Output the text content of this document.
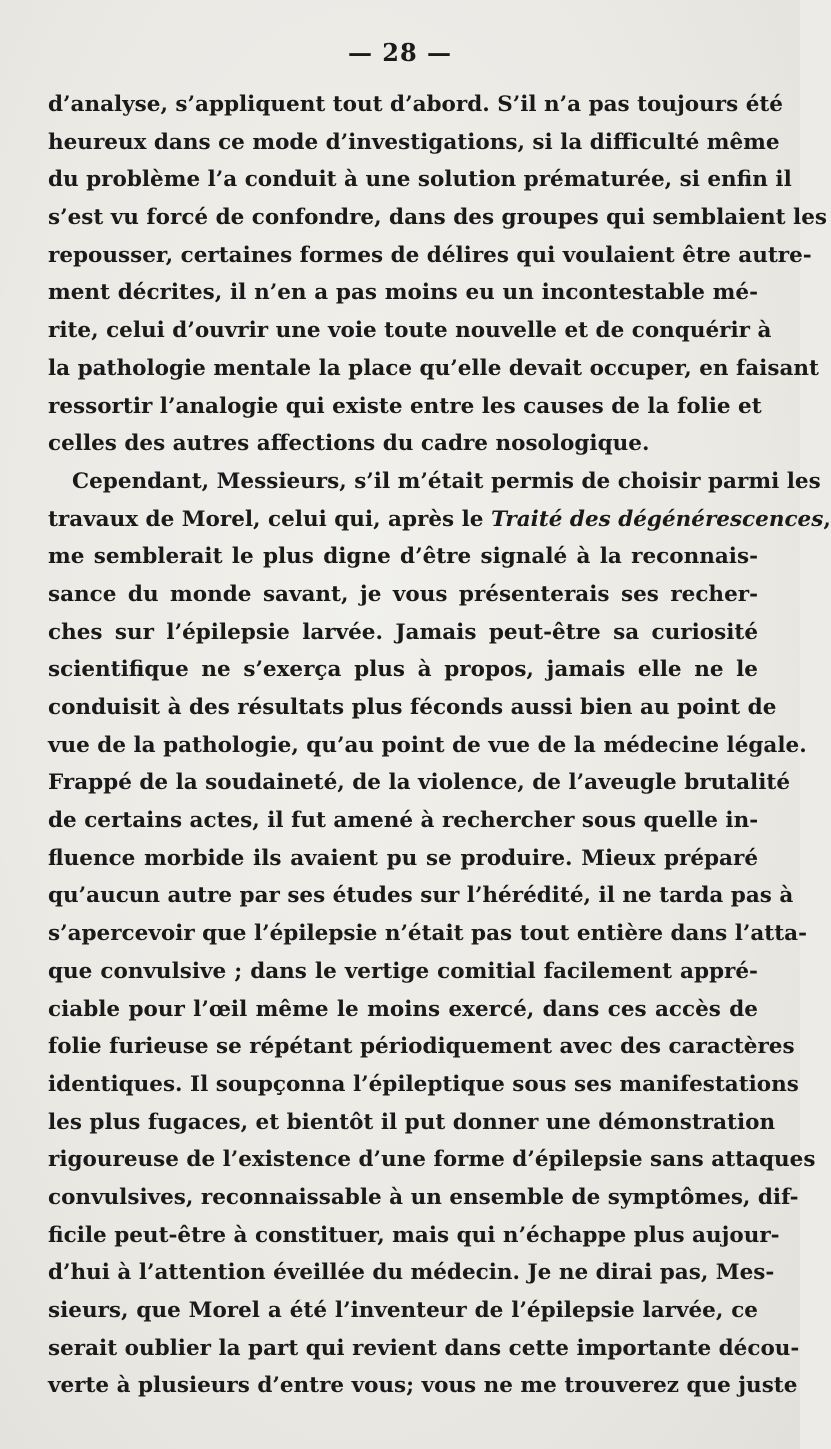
— 28 —
d’analyse, s’appliquent tout d’abord. S’il n’a pas toujours été
heureux dans ce mode d’investigations, si la difficulté même
du problème l’a conduit à une solution prématurée, si enfin il
s’est vu forcé de confondre, dans des groupes qui semblaient les
repousser, certaines formes de délires qui voulaient être autre-
ment décrites, il n’en a pas moins eu un incontestable mé-
rite, celui d’ouvrir une voie toute nouvelle et de conquérir à
la pathologie mentale la place qu’elle devait occuper, en faisant
ressortir l’analogie qui existe entre les causes de la folie et
celles des autres affections du cadre nosologique.
Cependant, Messieurs, s’il m’était permis de choisir parmi les
travaux de Morel, celui qui, après le Traité des dégénérescences,
me semblerait le plus digne d’être signalé à la reconnais-
sance du monde savant, je vous présenterais ses recher-
ches sur l’épilepsie larvée. Jamais peut-être sa curiosité
scientifique ne s’exerça plus à propos, jamais elle ne le
conduisit à des résultats plus féconds aussi bien au point de
vue de la pathologie, qu’au point de vue de la médecine légale.
Frappé de la soudaineté, de la violence, de l’aveugle brutalité
de certains actes, il fut amené à rechercher sous quelle in-
fluence morbide ils avaient pu se produire. Mieux préparé
qu’aucun autre par ses études sur l’hérédité, il ne tarda pas à
s’apercevoir que l’épilepsie n’était pas tout entière dans l’atta-
que convulsive ; dans le vertige comitial facilement appré-
ciable pour l’œil même le moins exercé, dans ces accès de
folie furieuse se répétant périodiquement avec des caractères
identiques. Il soupçonna l’épileptique sous ses manifestations
les plus fugaces, et bientôt il put donner une démonstration
rigoureuse de l’existence d’une forme d’épilepsie sans attaques
convulsives, reconnaissable à un ensemble de symptômes, dif-
ficile peut-être à constituer, mais qui n’échappe plus aujour-
d’hui à l’attention éveillée du médecin. Je ne dirai pas, Mes-
sieurs, que Morel a été l’inventeur de l’épilepsie larvée, ce
serait oublier la part qui revient dans cette importante décou-
verte à plusieurs d’entre vous; vous ne me trouverez que juste
